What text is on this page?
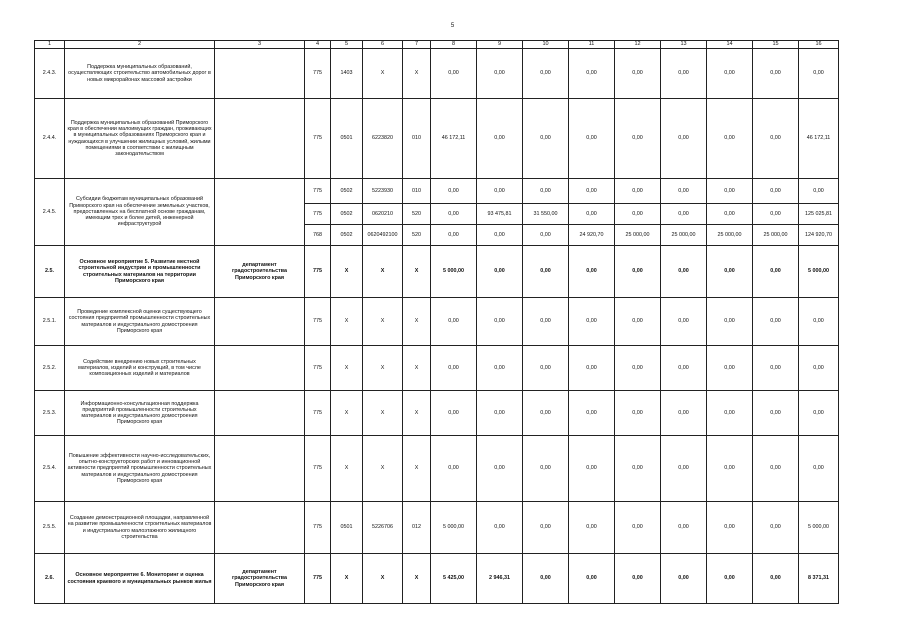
5
1	2	3	4	5	6	7	8	9	10	11	12	13	14	15	16
2.4.3.	Поддержка муниципальных образований, осуществляющих строительство автомобильных дорог в новых микрорайонах массовой застройки		775	1403	X	X	0,00	0,00	0,00	0,00	0,00	0,00	0,00	0,00	0,00
2.4.4.	Поддержка муниципальных образований Приморского края в обеспечении малоимущих граждан, проживающих в муниципальных образованиях Приморского края и нуждающихся в улучшении жилищных условий, жилыми помещениями в соответствии с жилищным законодательством		775	0501	6223820	010	46 172,11	0,00	0,00	0,00	0,00	0,00	0,00	0,00	46 172,11
2.4.5.	Субсидии бюджетам муниципальных образований Приморского края на обеспечение земельных участков, предоставленных на бесплатной основе гражданам, имеющим трех и более детей, инженерной инфраструктурой		775	0502	5223930	010	0,00	0,00	0,00	0,00	0,00	0,00	0,00	0,00	0,00
			775	0502	0620210	520	0,00	93 475,81	31 550,00	0,00	0,00	0,00	0,00	0,00	125 025,81
			768	0502	0620492100	520	0,00	0,00	0,00	24 920,70	25 000,00	25 000,00	25 000,00	25 000,00	124 920,70
2.5.	Основное мероприятие 5. Развитие местной строительной индустрии и промышленности строительных материалов на территории Приморского края	департамент градостроительства Приморского края	775	X	X	X	5 000,00	0,00	0,00	0,00	0,00	0,00	0,00	0,00	5 000,00
2.5.1.	Проведение комплексной оценки существующего состояния предприятий промышленности строительных материалов и индустриального домостроения Приморского края		775	X	X	X	0,00	0,00	0,00	0,00	0,00	0,00	0,00	0,00	0,00
2.5.2.	Содействие внедрению новых строительных материалов, изделий и конструкций, в том числе композиционных изделий и материалов		775	X	X	X	0,00	0,00	0,00	0,00	0,00	0,00	0,00	0,00	0,00
2.5.3.	Информационно-консультационная поддержка предприятий промышленности строительных материалов и индустриального домостроения Приморского края		775	X	X	X	0,00	0,00	0,00	0,00	0,00	0,00	0,00	0,00	0,00
2.5.4.	Повышение эффективности научно-исследовательских, опытно-конструкторских работ и инновационной активности предприятий промышленности строительных материалов и индустриального домостроения Приморского края		775	X	X	X	0,00	0,00	0,00	0,00	0,00	0,00	0,00	0,00	0,00
2.5.5.	Создание демонстрационной площадки, направленной на развитие промышленности строительных материалов и индустриального малоэтажного жилищного строительства		775	0501	5226706	012	5 000,00	0,00	0,00	0,00	0,00	0,00	0,00	0,00	5 000,00
2.6.	Основное мероприятие 6. Мониторинг и оценка состояния краевого и муниципальных рынков жилья	департамент градостроительства Приморского края	775	X	X	X	5 425,00	2 946,31	0,00	0,00	0,00	0,00	0,00	0,00	8 371,31
